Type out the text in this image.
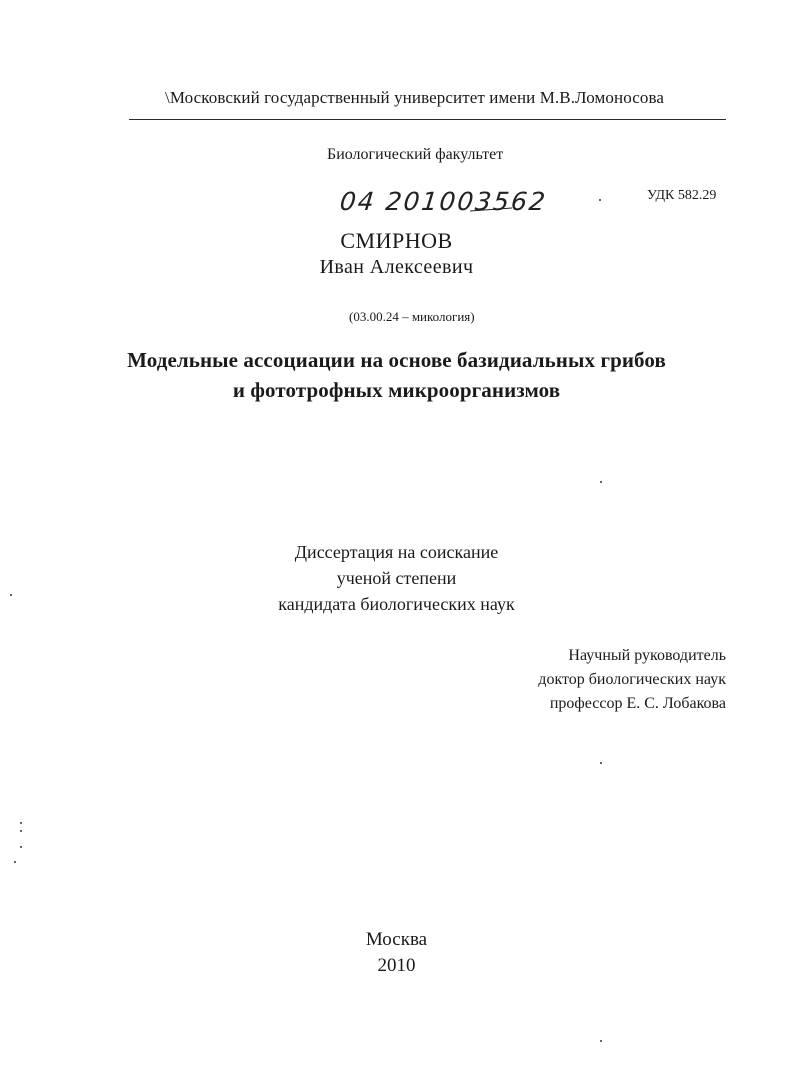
\Московский государственный университет имени М.В.Ломоносова
Биологический факультет
04 201003562	УДК 582.29
СМИРНОВ
Иван Алексеевич
(03.00.24 – микология)
Модельные ассоциации на основе базидиальных грибов
и фототрофных микроорганизмов
Диссертация на соискание
ученой степени
кандидата биологических наук
Научный руководитель
доктор биологических наук
профессор Е. С. Лобакова
Москва
2010
